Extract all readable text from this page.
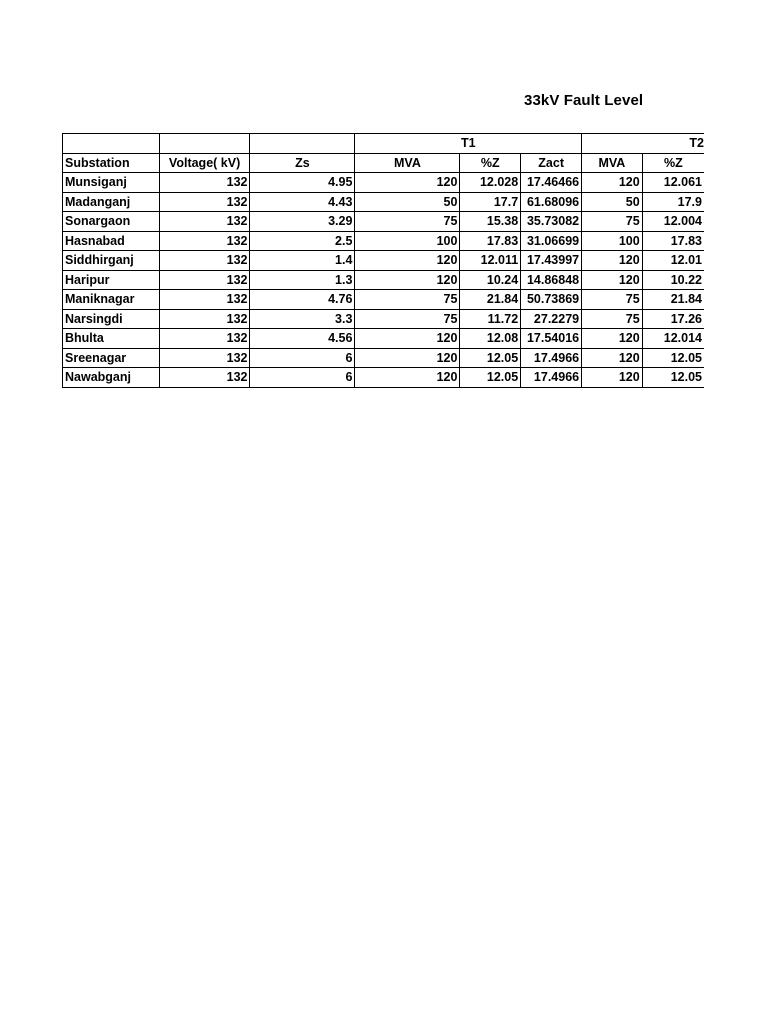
33kV Fault Level
			T1			T2	
Substation	Voltage( kV)	Zs	MVA	%Z	Zact	MVA	%Z
Munsiganj	132	4.95	120	12.028	17.46466	120	12.061
Madanganj	132	4.43	50	17.7	61.68096	50	17.9
Sonargaon	132	3.29	75	15.38	35.73082	75	12.004
Hasnabad	132	2.5	100	17.83	31.06699	100	17.83
Siddhirganj	132	1.4	120	12.011	17.43997	120	12.01
Haripur	132	1.3	120	10.24	14.86848	120	10.22
Maniknagar	132	4.76	75	21.84	50.73869	75	21.84
Narsingdi	132	3.3	75	11.72	27.2279	75	17.26
Bhulta	132	4.56	120	12.08	17.54016	120	12.014
Sreenagar	132	6	120	12.05	17.4966	120	12.05
Nawabganj	132	6	120	12.05	17.4966	120	12.05
